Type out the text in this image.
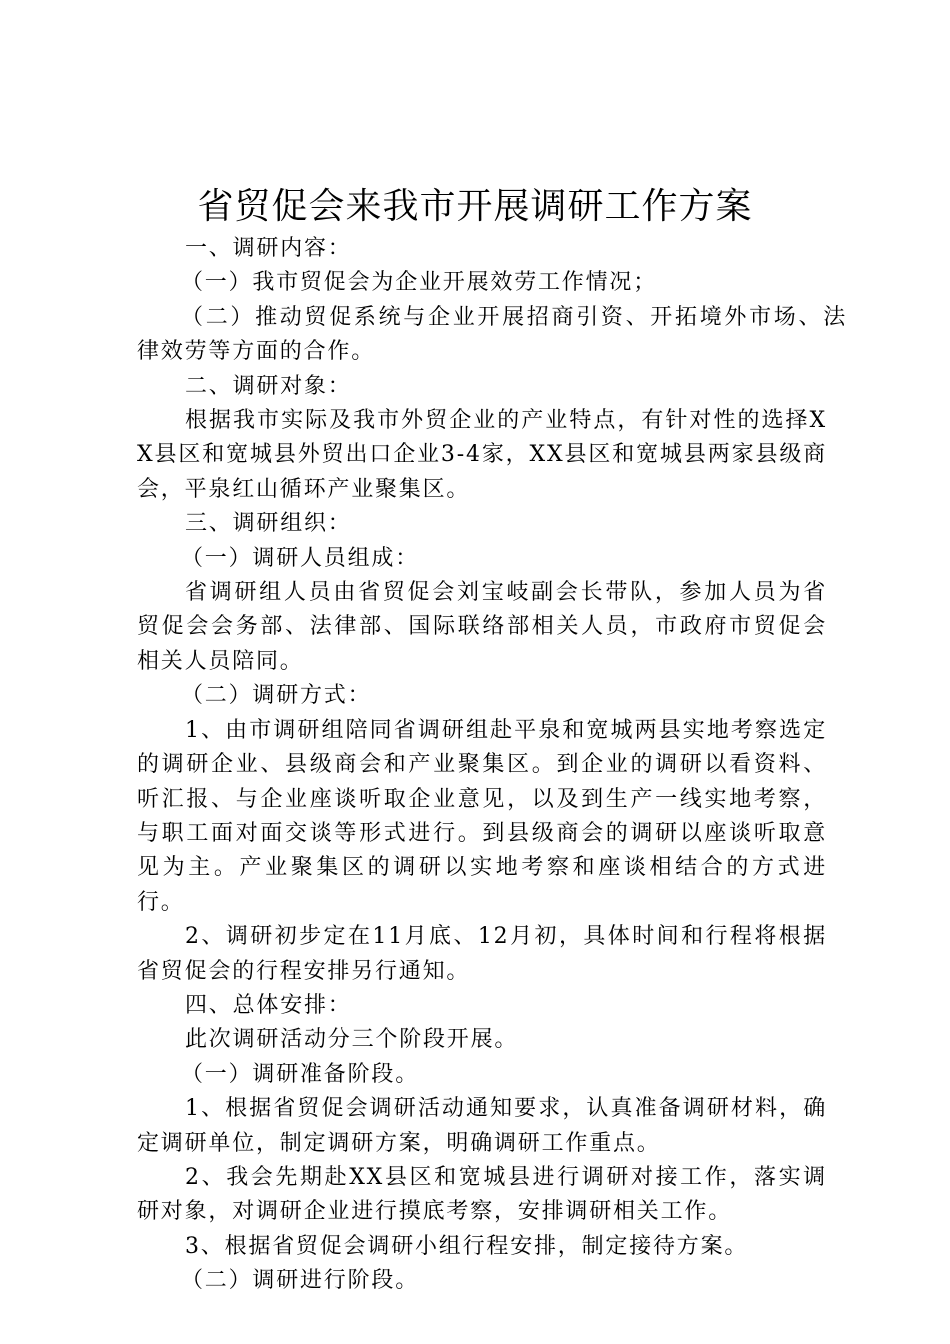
省贸促会来我市开展调研工作方案

一、调研内容：

（一）我市贸促会为企业开展效劳工作情况；

（二）推动贸促系统与企业开展招商引资、开拓境外市场、法律效劳等方面的合作。

二、调研对象：

根据我市实际及我市外贸企业的产业特点，有针对性的选择XX县区和宽城县外贸出口企业3-4家，XX县区和宽城县两家县级商会，平泉红山循环产业聚集区。

三、调研组织：

（一）调研人员组成：

省调研组人员由省贸促会刘宝岐副会长带队，参加人员为省贸促会会务部、法律部、国际联络部相关人员，市政府市贸促会相关人员陪同。

（二）调研方式：

1、由市调研组陪同省调研组赴平泉和宽城两县实地考察选定的调研企业、县级商会和产业聚集区。到企业的调研以看资料、听汇报、与企业座谈听取企业意见，以及到生产一线实地考察，与职工面对面交谈等形式进行。到县级商会的调研以座谈听取意见为主。产业聚集区的调研以实地考察和座谈相结合的方式进行。

2、调研初步定在11月底、12月初，具体时间和行程将根据省贸促会的行程安排另行通知。

四、总体安排：

此次调研活动分三个阶段开展。

（一）调研准备阶段。

1、根据省贸促会调研活动通知要求，认真准备调研材料，确定调研单位，制定调研方案，明确调研工作重点。

2、我会先期赴XX县区和宽城县进行调研对接工作，落实调研对象，对调研企业进行摸底考察，安排调研相关工作。

3、根据省贸促会调研小组行程安排，制定接待方案。

（二）调研进行阶段。
